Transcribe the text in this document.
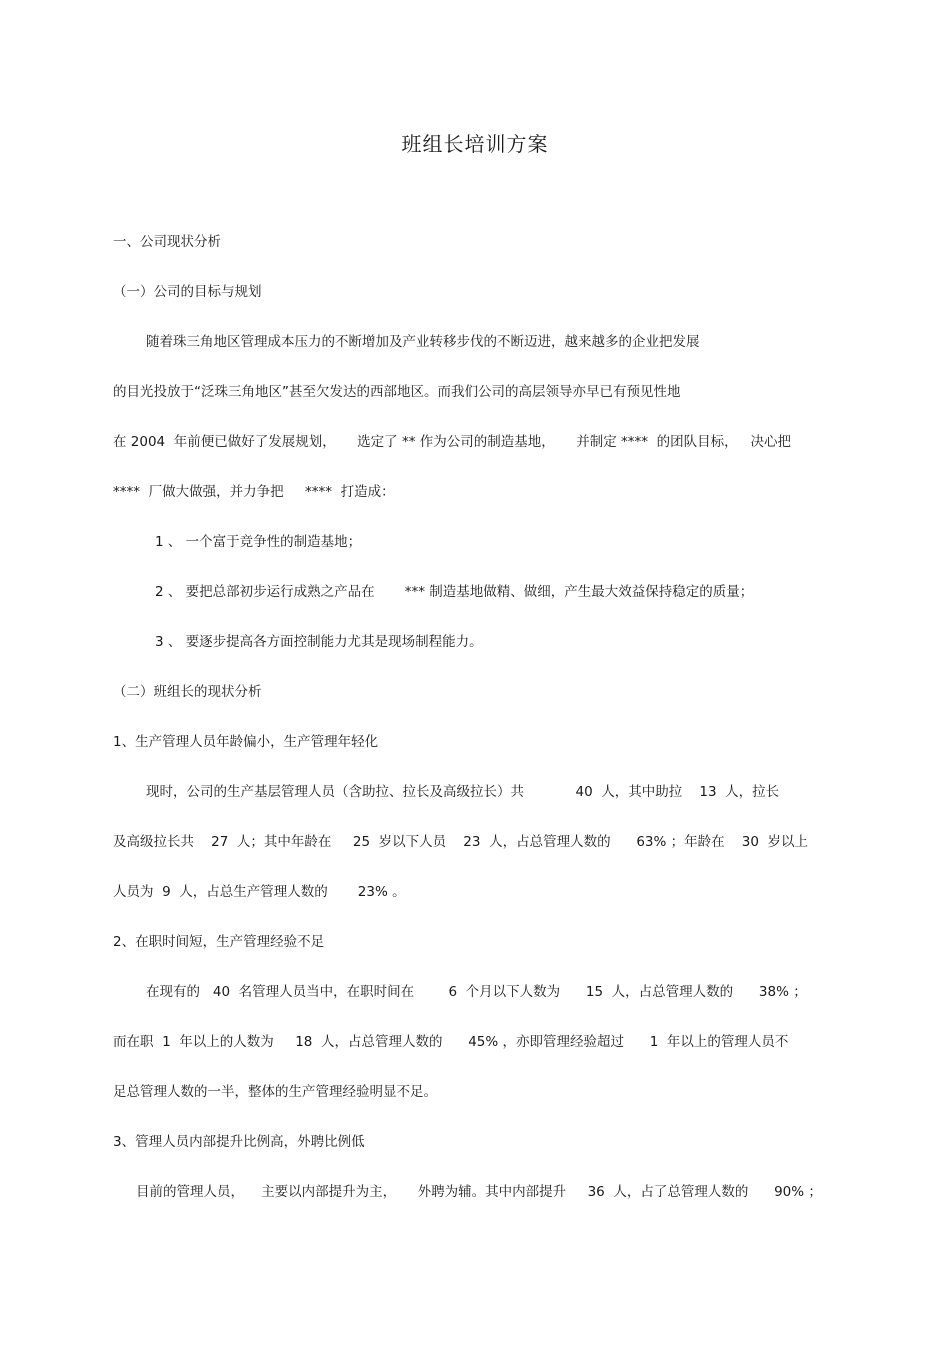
班组长培训方案
一、公司现状分析
（一）公司的目标与规划
随着珠三角地区管理成本压力的不断增加及产业转移步伐的不断迈进，越来越多的企业把发展
的目光投放于“泛珠三角地区”甚至欠发达的西部地区。而我们公司的高层领导亦早已有预见性地
在 2004  年前便已做好了发展规划，     选定了 ** 作为公司的制造基地，     并制定 ****  的团队目标，   决心把
****  厂做大做强，并力争把     ****  打造成：
1 、 一个富于竞争性的制造基地；
2 、 要把总部初步运行成熟之产品在       *** 制造基地做精、做细，产生最大效益保持稳定的质量；
3 、 要逐步提高各方面控制能力尤其是现场制程能力。
（二）班组长的现状分析
1、生产管理人员年龄偏小，生产管理年轻化
现时，公司的生产基层管理人员（含助拉、拉长及高级拉长）共            40  人，其中助拉    13  人，拉长
及高级拉长共    27  人；其中年龄在     25  岁以下人员    23  人，占总管理人数的      63% ；年龄在    30  岁以上
人员为  9  人，占总生产管理人数的       23% 。
2、在职时间短，生产管理经验不足
在现有的   40  名管理人员当中，在职时间在        6  个月以下人数为      15  人，占总管理人数的      38% ；
而在职  1  年以上的人数为     18  人，占总管理人数的      45% ，亦即管理经验超过      1  年以上的管理人员不
足总管理人数的一半，整体的生产管理经验明显不足。
3、管理人员内部提升比例高，外聘比例低
目前的管理人员，    主要以内部提升为主，     外聘为辅。其中内部提升     36  人，占了总管理人数的      90% ；
